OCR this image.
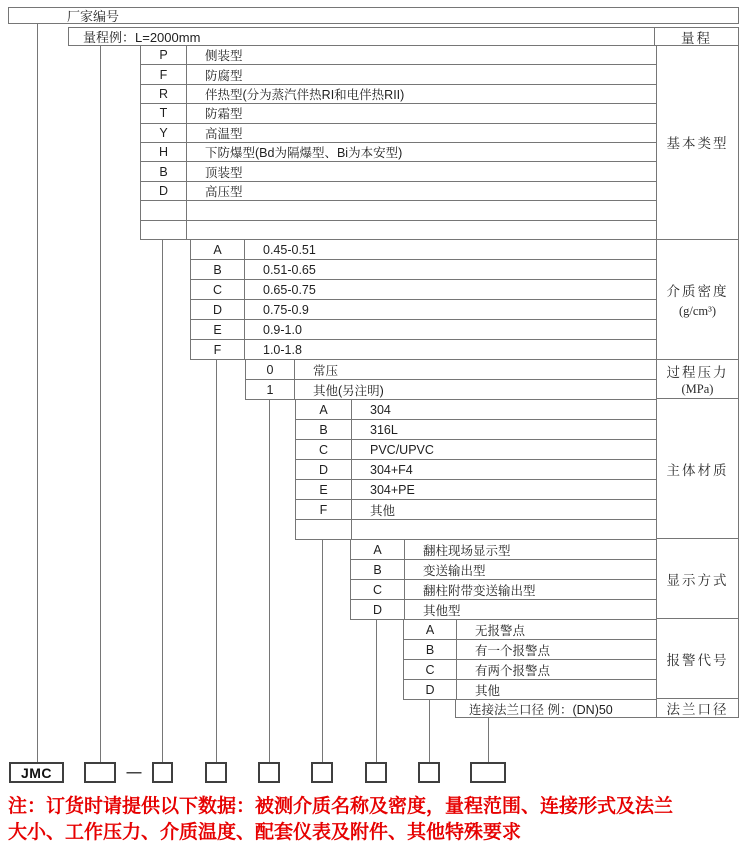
厂家编号
量程例：L=2000mm	量程
P	侧装型
F	防腐型
R	伴热型(分为蒸汽伴热RI和电伴热RII)
T	防霜型
Y	高温型
H	下防爆型(Bd为隔爆型、Bi为本安型)
B	顶装型
D	高压型
A	0.45-0.51
B	0.51-0.65
C	0.65-0.75
D	0.75-0.9
E	0.9-1.0
F	1.0-1.8
0	常压
1	其他(另注明)
A	304
B	316L
C	PVC/UPVC
D	304+F4
E	304+PE
F	其他
A	翻柱现场显示型
B	变送输出型
C	翻柱附带变送输出型
D	其他型
A	无报警点
B	有一个报警点
C	有两个报警点
D	其他
连接法兰口径 例：(DN)50
基本类型
介质密度
(g/cm³)
过程压力
(MPa)
主体材质
显示方式
报警代号
法兰口径
JMC	—
注：订货时请提供以下数据：被测介质名称及密度，量程范围、连接形式及法兰
大小、工作压力、介质温度、配套仪表及附件、其他特殊要求
